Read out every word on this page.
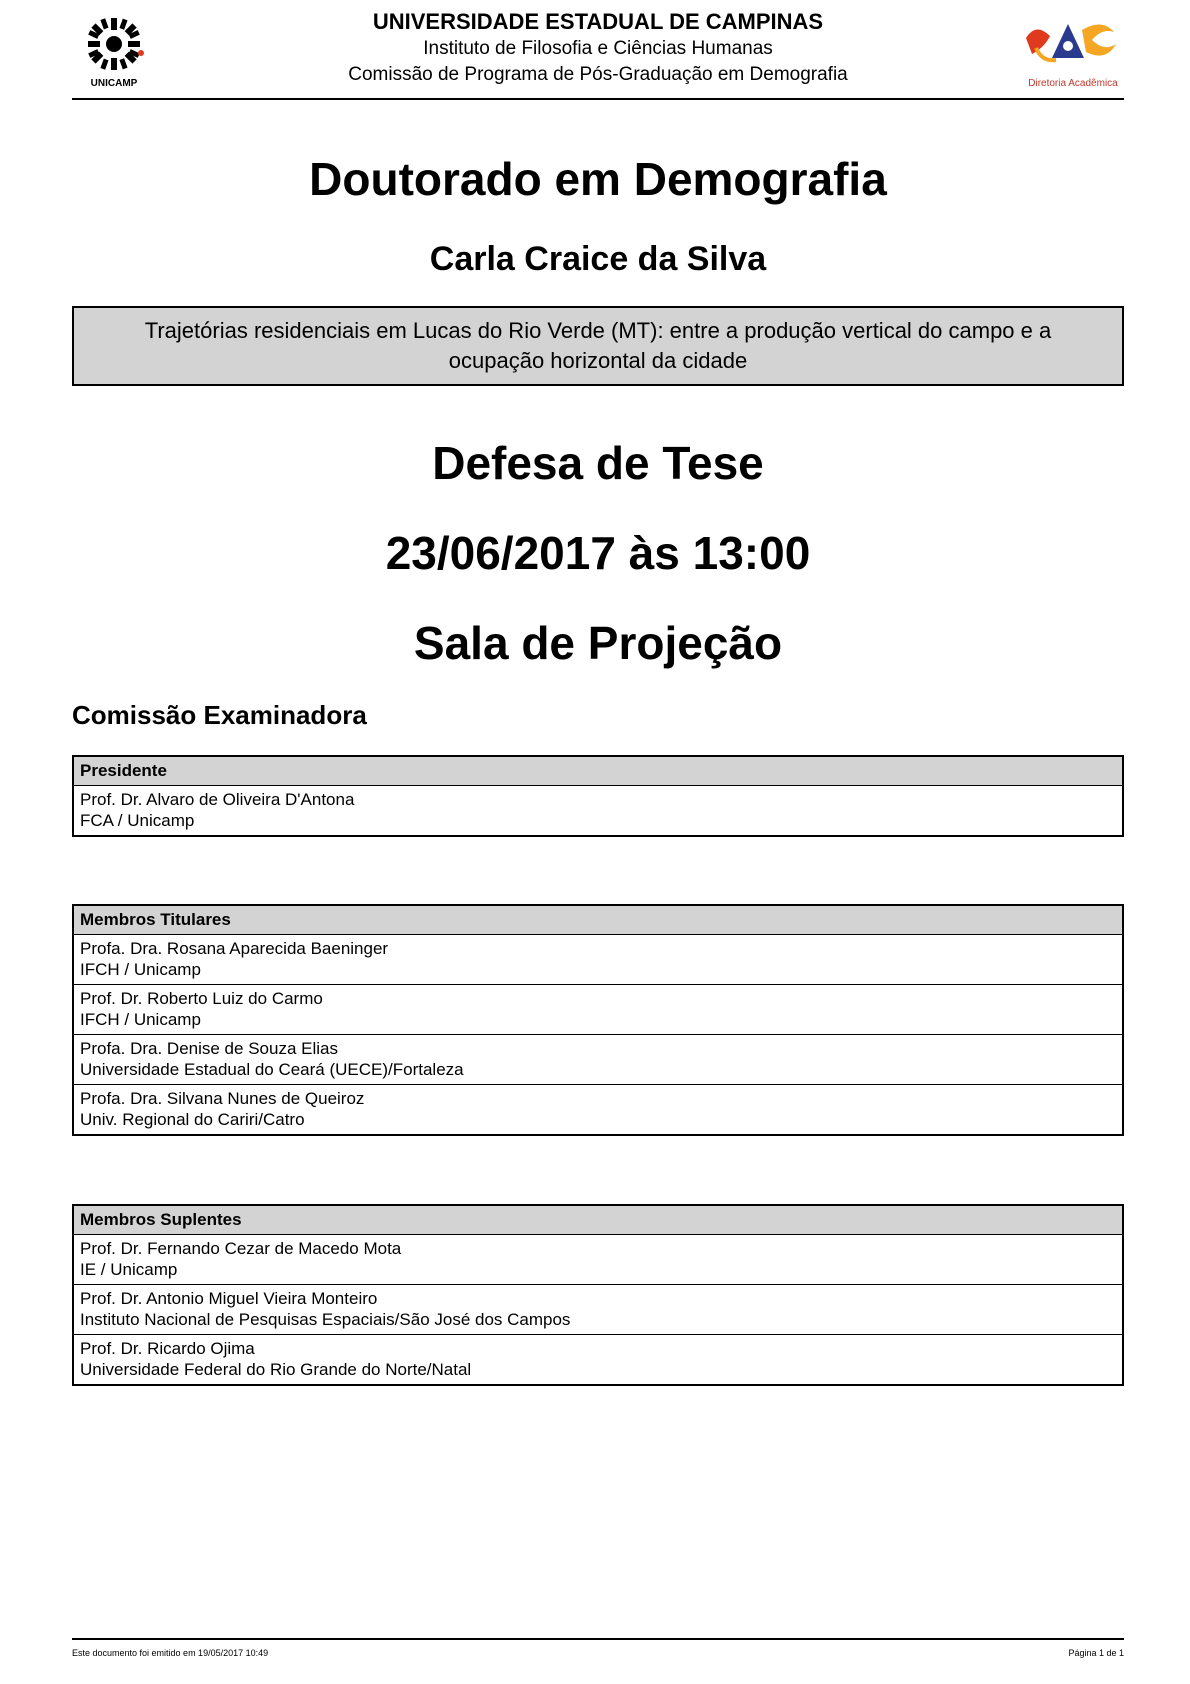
UNICAMP
UNIVERSIDADE ESTADUAL DE CAMPINAS
Instituto de Filosofia e Ciências Humanas
Comissão de Programa de Pós-Graduação em Demografia	Diretoria Acadêmica
Doutorado em Demografia
Carla Craice da Silva
Trajetórias residenciais em Lucas do Rio Verde (MT): entre a produção vertical do campo e a ocupação horizontal da cidade
Defesa de Tese
23/06/2017 às 13:00
Sala de Projeção
Comissão Examinadora
Presidente
Prof. Dr. Alvaro de Oliveira D'Antona
FCA / Unicamp
Membros Titulares
Profa. Dra. Rosana Aparecida Baeninger
IFCH / Unicamp
Prof. Dr. Roberto Luiz do Carmo
IFCH / Unicamp
Profa. Dra. Denise de Souza Elias
Universidade Estadual do Ceará (UECE)/Fortaleza
Profa. Dra. Silvana Nunes de Queiroz
Univ. Regional do Cariri/Catro
Membros Suplentes
Prof. Dr. Fernando Cezar de Macedo Mota
IE / Unicamp
Prof. Dr. Antonio Miguel Vieira Monteiro
Instituto Nacional de Pesquisas Espaciais/São José dos Campos
Prof. Dr. Ricardo Ojima
Universidade Federal do Rio Grande do Norte/Natal
Este documento foi emitido em 19/05/2017 10:49	Página 1 de 1
